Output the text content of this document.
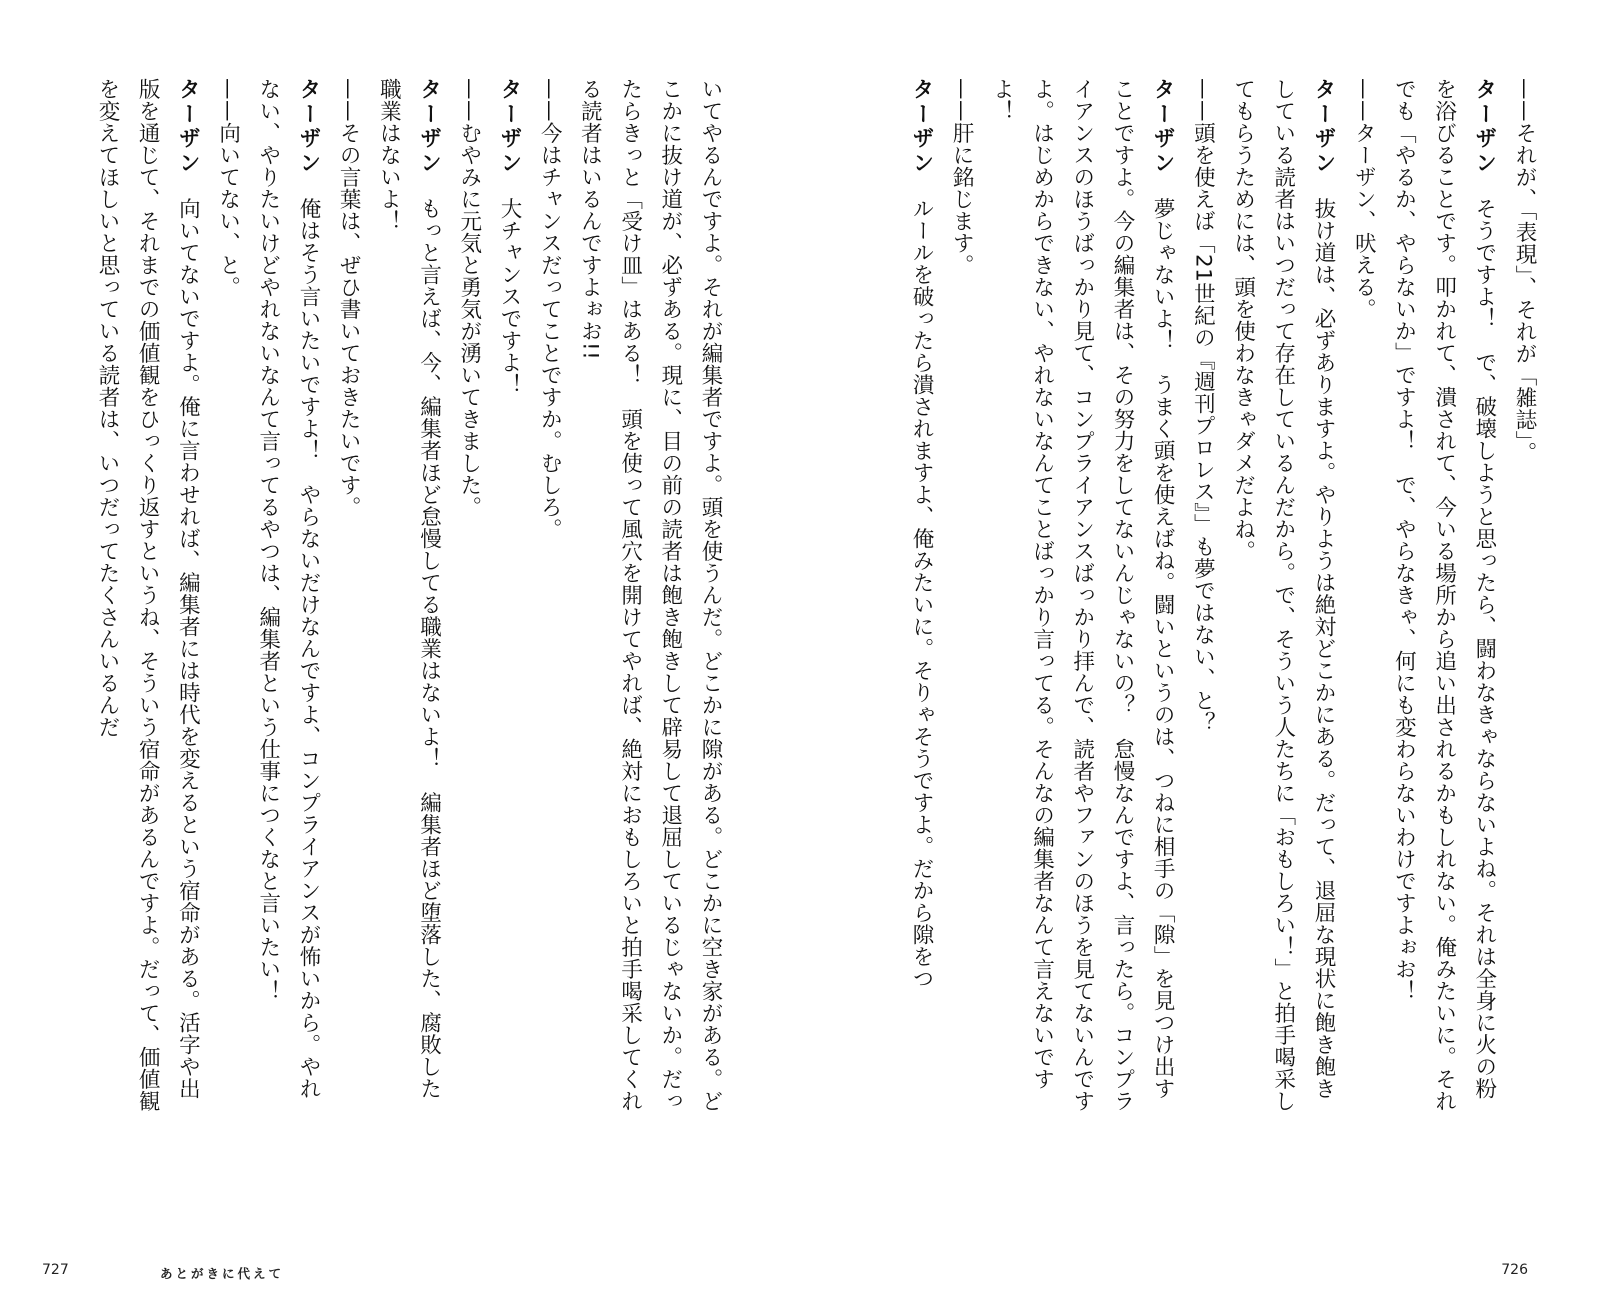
いてやるんですよ。それが編集者ですよ。頭を使うんだ。どこかに隙がある。どこかに空き家がある。どこかに抜け道が、必ずある。現に、目の前の読者は飽き飽きして辟易して退屈しているじゃないか。だったらきっと「受け皿」はある！　頭を使って風穴を開けてやれば、絶対におもしろいと拍手喝采してくれる読者はいるんですよぉお!!

——今はチャンスだってことですか。むしろ。

ターザン大チャンスですよ！

——むやみに元気と勇気が湧いてきました。

ターザンもっと言えば、今、編集者ほど怠慢してる職業はないよ！　編集者ほど堕落した、腐敗した職業はないよ！

——その言葉は、ぜひ書いておきたいです。

ターザン俺はそう言いたいですよ！　やらないだけなんですよ、コンプライアンスが怖いから。やれない、やりたいけどやれないなんて言ってるやつは、編集者という仕事につくなと言いたい！

——向いてない、と。

ターザン向いてないですよ。俺に言わせれば、編集者には時代を変えるという宿命がある。活字や出版を通じて、それまでの価値観をひっくり返すというね、そういう宿命があるんですよ。だって、価値観を変えてほしいと思っている読者は、いつだってたくさんいるんだ

727	あとがきに代えて

——それが、「表現」、それが「雑誌」。

ターザンそうですよ！　で、破壊しようと思ったら、闘わなきゃならないよね。それは全身に火の粉を浴びることです。叩かれて、潰されて、今いる場所から追い出されるかもしれない。俺みたいに。それでも「やるか、やらないか」ですよ！　で、やらなきゃ、何にも変わらないわけですよぉお！

——ターザン、吠える。

ターザン抜け道は、必ずありますよ。やりようは絶対どこかにある。だって、退屈な現状に飽き飽きしている読者はいつだって存在しているんだから。で、そういう人たちに「おもしろい！」と拍手喝采してもらうためには、頭を使わなきゃダメだよね。

——頭を使えば「21世紀の『週刊プロレス』」も夢ではない、と？

ターザン夢じゃないよ！　うまく頭を使えばね。闘いというのは、つねに相手の「隙」を見つけ出すことですよ。今の編集者は、その努力をしてないんじゃないの？　怠慢なんですよ、言ったら。コンプライアンスのほうばっかり見て、コンプライアンスばっかり拝んで、読者やファンのほうを見てないんですよ。はじめからできない、やれないなんてことばっかり言ってる。そんなの編集者なんて言えないですよ！

——肝に銘じます。

ターザンルールを破ったら潰されますよ、俺みたいに。そりゃそうですよ。だから隙をつ

726
